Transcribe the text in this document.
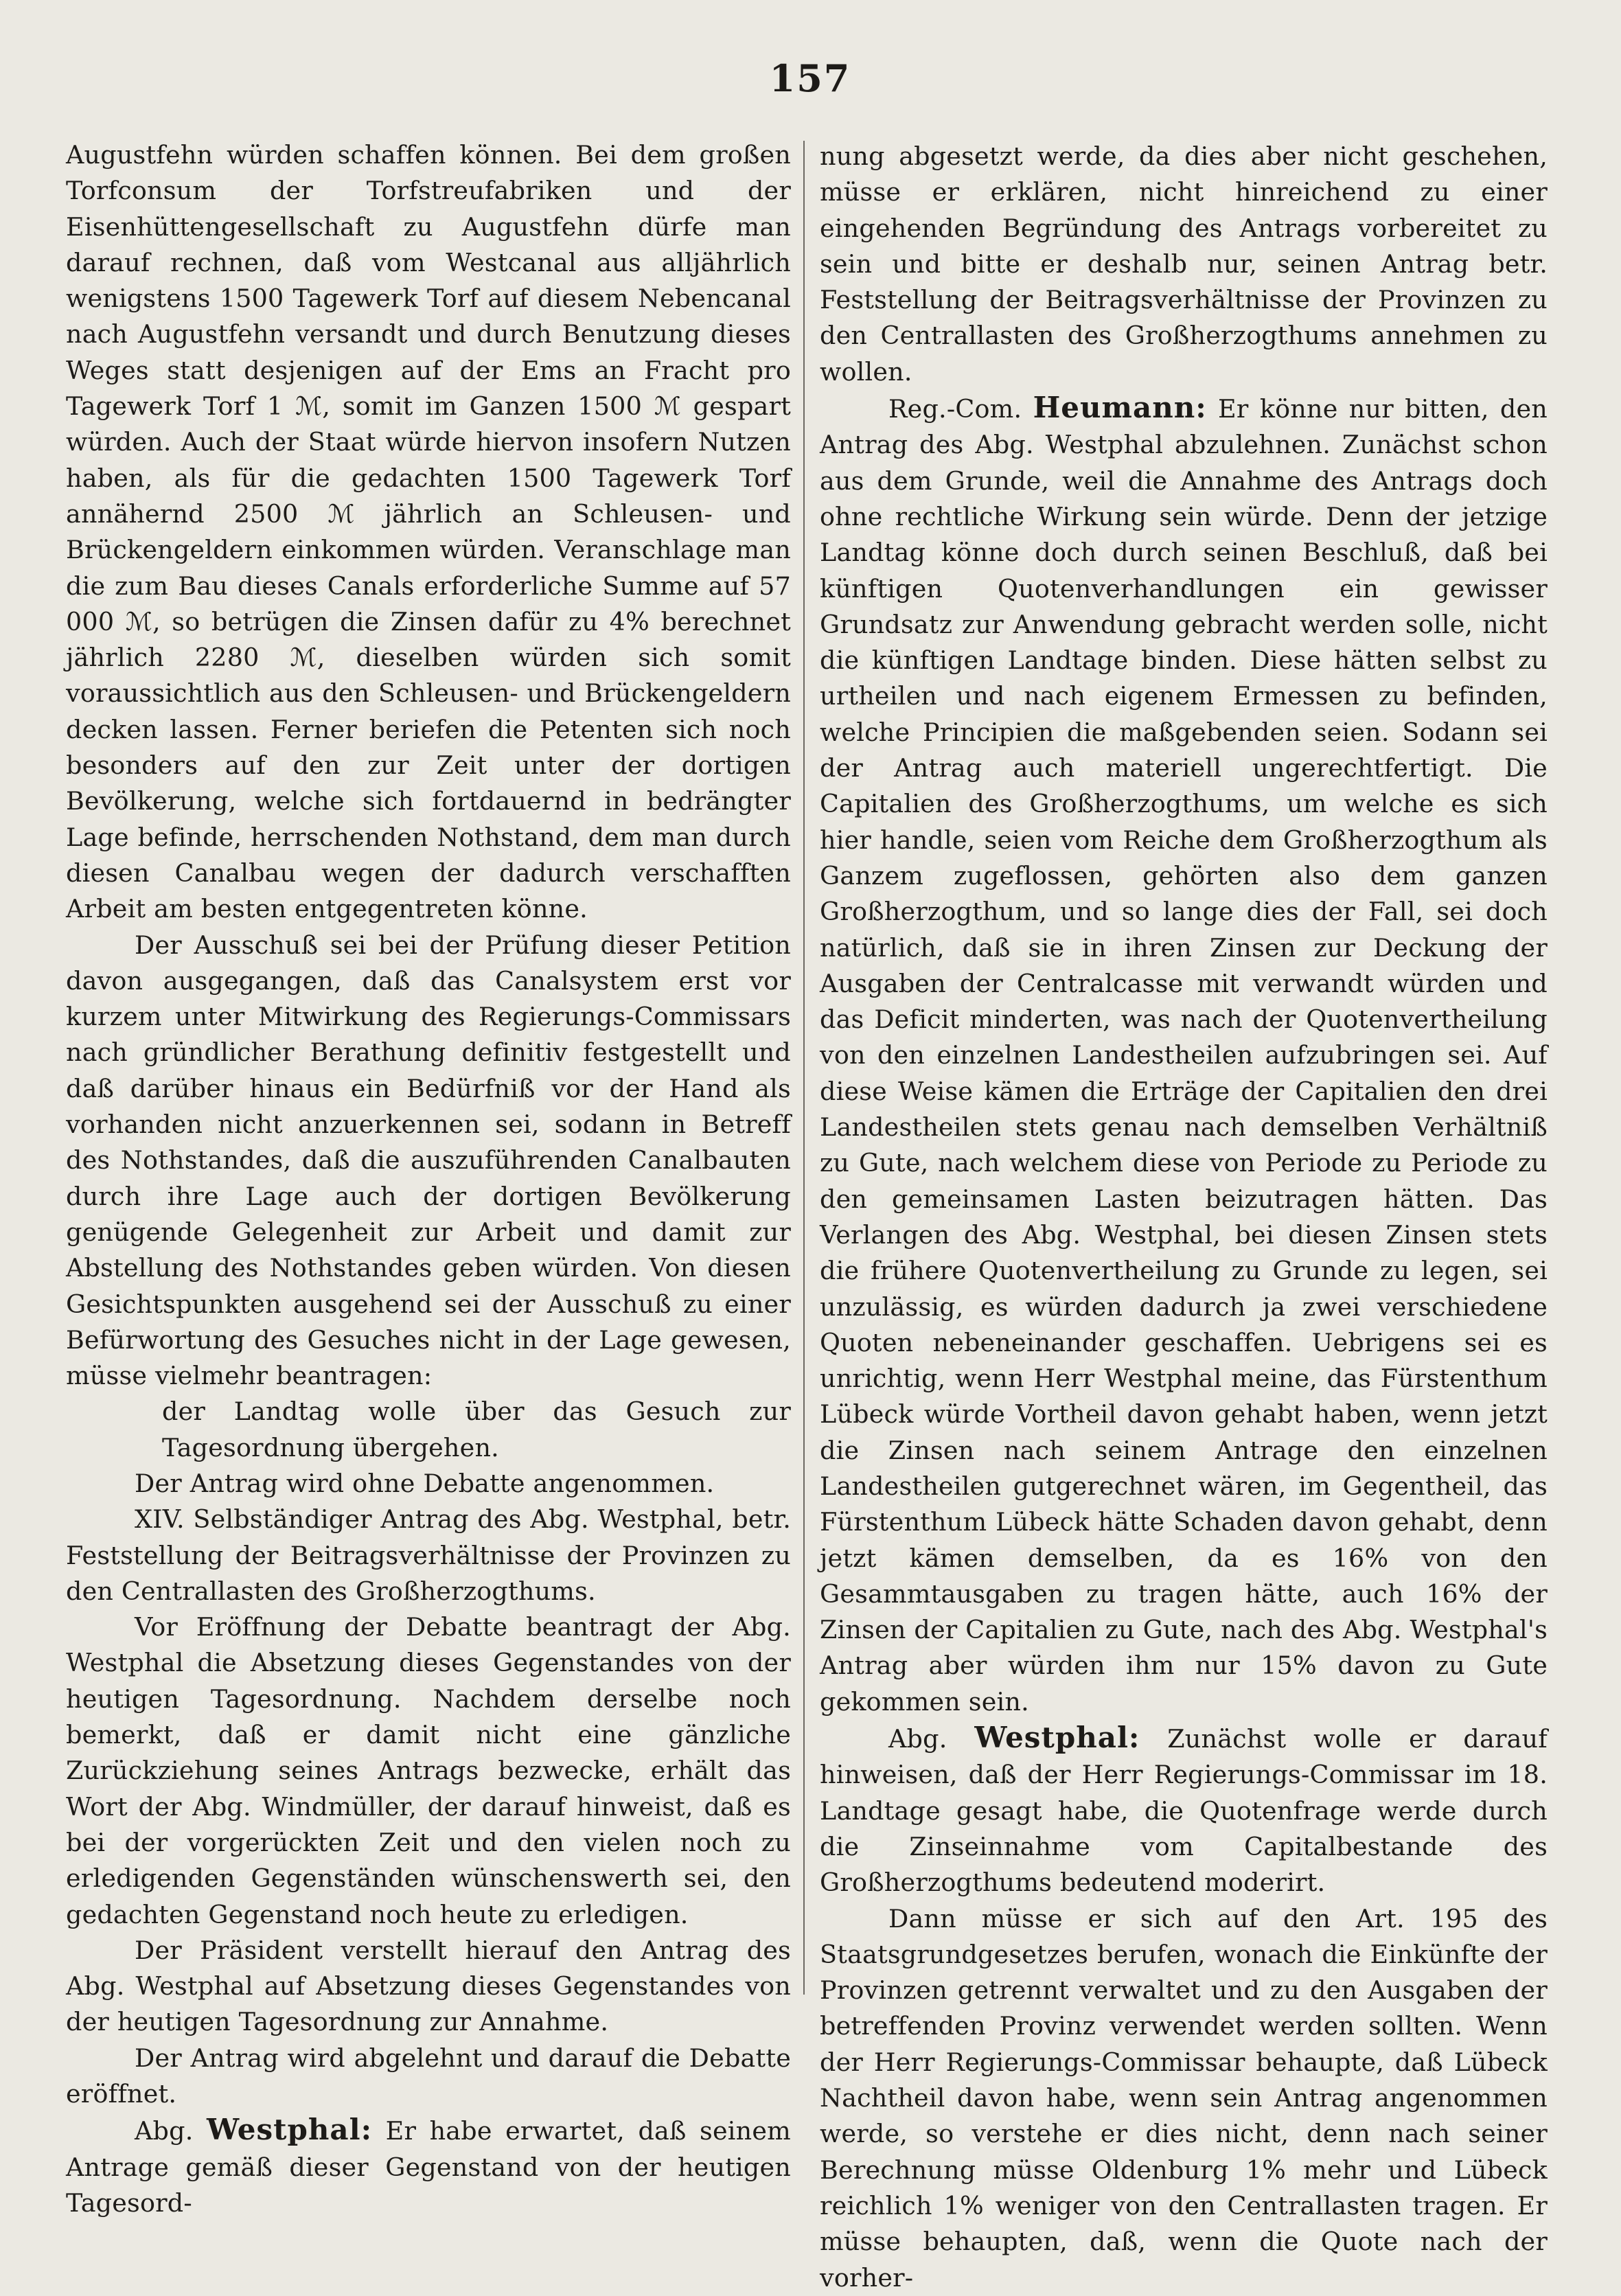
157

Augustfehn würden schaffen können. Bei dem großen Torfconsum der Torfstreufabriken und der Eisenhüttengesellschaft zu Augustfehn dürfe man darauf rechnen, daß vom Westcanal aus alljährlich wenigstens 1500 Tagewerk Torf auf diesem Nebencanal nach Augustfehn versandt und durch Benutzung dieses Weges statt desjenigen auf der Ems an Fracht pro Tagewerk Torf 1 ℳ, somit im Ganzen 1500 ℳ gespart würden. Auch der Staat würde hiervon insofern Nutzen haben, als für die gedachten 1500 Tagewerk Torf annähernd 2500 ℳ jährlich an Schleusen- und Brückengeldern einkommen würden. Veranschlage man die zum Bau dieses Canals erforderliche Summe auf 57 000 ℳ, so betrügen die Zinsen dafür zu 4% berechnet jährlich 2280 ℳ, dieselben würden sich somit voraussichtlich aus den Schleusen- und Brückengeldern decken lassen. Ferner beriefen die Petenten sich noch besonders auf den zur Zeit unter der dortigen Bevölkerung, welche sich fortdauernd in bedrängter Lage befinde, herrschenden Nothstand, dem man durch diesen Canalbau wegen der dadurch verschafften Arbeit am besten entgegentreten könne.

Der Ausschuß sei bei der Prüfung dieser Petition davon ausgegangen, daß das Canalsystem erst vor kurzem unter Mitwirkung des Regierungs-Commissars nach gründlicher Berathung definitiv festgestellt und daß darüber hinaus ein Bedürfniß vor der Hand als vorhanden nicht anzuerkennen sei, sodann in Betreff des Nothstandes, daß die auszuführenden Canalbauten durch ihre Lage auch der dortigen Bevölkerung genügende Gelegenheit zur Arbeit und damit zur Abstellung des Nothstandes geben würden. Von diesen Gesichtspunkten ausgehend sei der Ausschuß zu einer Befürwortung des Gesuches nicht in der Lage gewesen, müsse vielmehr beantragen:

der Landtag wolle über das Gesuch zur Tagesordnung übergehen.

Der Antrag wird ohne Debatte angenommen.

XIV. Selbständiger Antrag des Abg. Westphal, betr. Feststellung der Beitragsverhältnisse der Provinzen zu den Centrallasten des Großherzogthums.

Vor Eröffnung der Debatte beantragt der Abg. Westphal die Absetzung dieses Gegenstandes von der heutigen Tagesordnung. Nachdem derselbe noch bemerkt, daß er damit nicht eine gänzliche Zurückziehung seines Antrags bezwecke, erhält das Wort der Abg. Windmüller, der darauf hinweist, daß es bei der vorgerückten Zeit und den vielen noch zu erledigenden Gegenständen wünschenswerth sei, den gedachten Gegenstand noch heute zu erledigen.

Der Präsident verstellt hierauf den Antrag des Abg. Westphal auf Absetzung dieses Gegenstandes von der heutigen Tagesordnung zur Annahme.

Der Antrag wird abgelehnt und darauf die Debatte eröffnet.

Abg. Westphal: Er habe erwartet, daß seinem Antrage gemäß dieser Gegenstand von der heutigen Tagesord-

nung abgesetzt werde, da dies aber nicht geschehen, müsse er erklären, nicht hinreichend zu einer eingehenden Begründung des Antrags vorbereitet zu sein und bitte er deshalb nur, seinen Antrag betr. Feststellung der Beitragsverhältnisse der Provinzen zu den Centrallasten des Großherzogthums annehmen zu wollen.

Reg.-Com. Heumann: Er könne nur bitten, den Antrag des Abg. Westphal abzulehnen. Zunächst schon aus dem Grunde, weil die Annahme des Antrags doch ohne rechtliche Wirkung sein würde. Denn der jetzige Landtag könne doch durch seinen Beschluß, daß bei künftigen Quotenverhandlungen ein gewisser Grundsatz zur Anwendung gebracht werden solle, nicht die künftigen Landtage binden. Diese hätten selbst zu urtheilen und nach eigenem Ermessen zu befinden, welche Principien die maßgebenden seien. Sodann sei der Antrag auch materiell ungerechtfertigt. Die Capitalien des Großherzogthums, um welche es sich hier handle, seien vom Reiche dem Großherzogthum als Ganzem zugeflossen, gehörten also dem ganzen Großherzogthum, und so lange dies der Fall, sei doch natürlich, daß sie in ihren Zinsen zur Deckung der Ausgaben der Centralcasse mit verwandt würden und das Deficit minderten, was nach der Quotenvertheilung von den einzelnen Landestheilen aufzubringen sei. Auf diese Weise kämen die Erträge der Capitalien den drei Landestheilen stets genau nach demselben Verhältniß zu Gute, nach welchem diese von Periode zu Periode zu den gemeinsamen Lasten beizutragen hätten. Das Verlangen des Abg. Westphal, bei diesen Zinsen stets die frühere Quotenvertheilung zu Grunde zu legen, sei unzulässig, es würden dadurch ja zwei verschiedene Quoten nebeneinander geschaffen. Uebrigens sei es unrichtig, wenn Herr Westphal meine, das Fürstenthum Lübeck würde Vortheil davon gehabt haben, wenn jetzt die Zinsen nach seinem Antrage den einzelnen Landestheilen gutgerechnet wären, im Gegentheil, das Fürstenthum Lübeck hätte Schaden davon gehabt, denn jetzt kämen demselben, da es 16% von den Gesammtausgaben zu tragen hätte, auch 16% der Zinsen der Capitalien zu Gute, nach des Abg. Westphal's Antrag aber würden ihm nur 15% davon zu Gute gekommen sein.

Abg. Westphal: Zunächst wolle er darauf hinweisen, daß der Herr Regierungs-Commissar im 18. Landtage gesagt habe, die Quotenfrage werde durch die Zinseinnahme vom Capitalbestande des Großherzogthums bedeutend moderirt.

Dann müsse er sich auf den Art. 195 des Staatsgrundgesetzes berufen, wonach die Einkünfte der Provinzen getrennt verwaltet und zu den Ausgaben der betreffenden Provinz verwendet werden sollten. Wenn der Herr Regierungs-Commissar behaupte, daß Lübeck Nachtheil davon habe, wenn sein Antrag angenommen werde, so verstehe er dies nicht, denn nach seiner Berechnung müsse Oldenburg 1% mehr und Lübeck reichlich 1% weniger von den Centrallasten tragen. Er müsse behaupten, daß, wenn die Quote nach der vorher-
